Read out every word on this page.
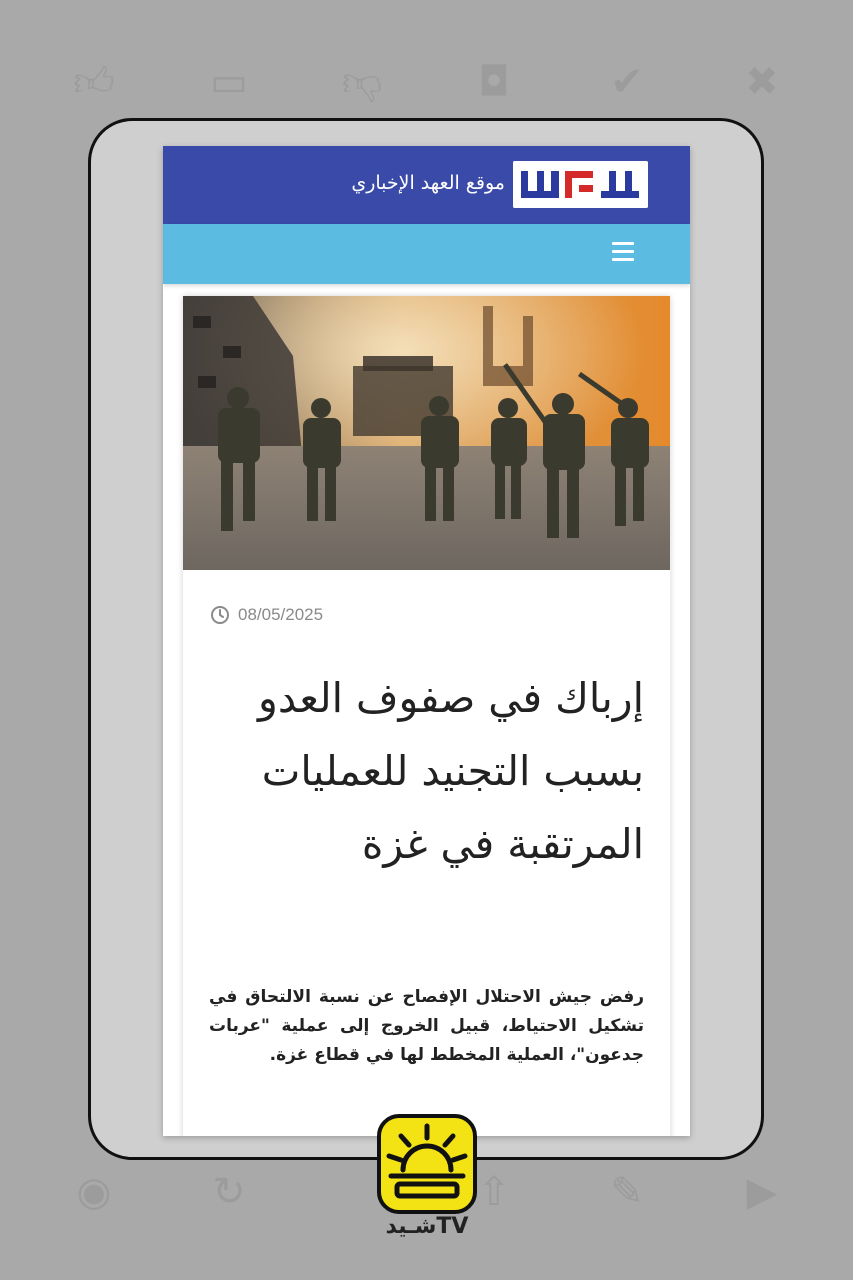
👍︎ ▭ 👎︎ ◘	✔	✖
◉	↻	⇧ ✎	▶
موقع العهد الإخباري
08/05/2025
إرباك في صفوف العدو بسبب التجنيد للعمليات المرتقبة في غزة

رفض جيش الاحتلال الإفصاح عن نسبة الالتحاق في تشكيل الاحتياط، قبيل الخروج إلى عملية "عربات جدعون"، العملية المخطط لها في قطاع غزة.

شـيدTV
